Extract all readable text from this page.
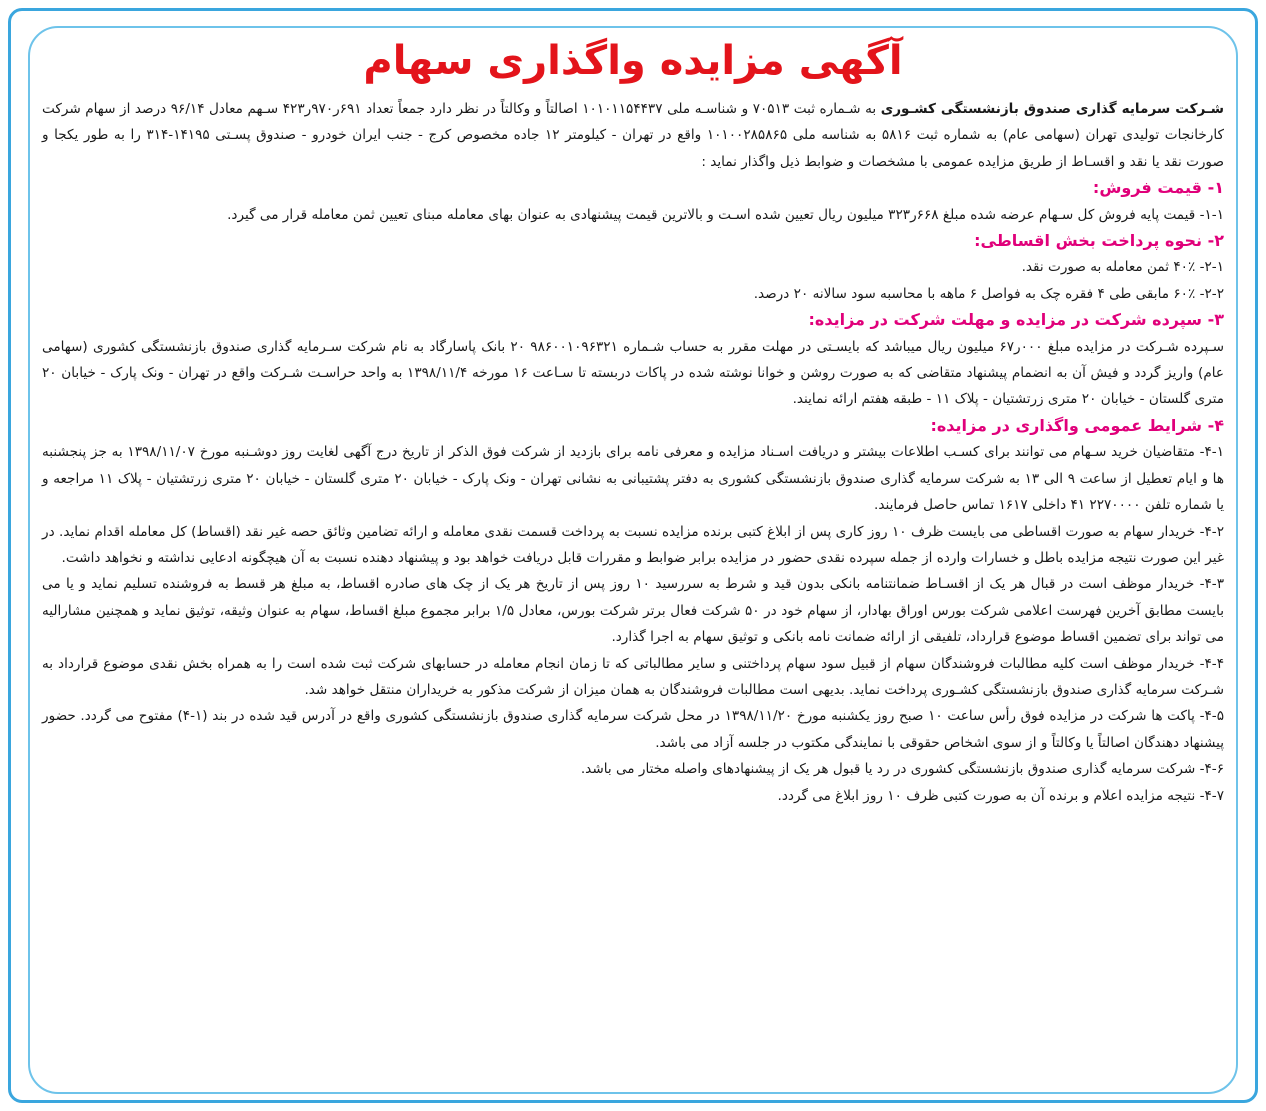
آگهی مزایده واگذاری سهام
شـرکت سرمایه گذاری صندوق بازنشستگی کشـوری به شـماره ثبت ۷۰۵۱۳ و شناسـه ملی ۱۰۱۰۱۱۵۴۴۳۷ اصالتاً و وکالتاً در نظر دارد جمعاً تعداد ۶۹۱ر۹۷۰ر۴۲۳ سـهم معادل ۹۶/۱۴ درصد از سهام شرکت کارخانجات تولیدی تهران (سهامی عام) به شماره ثبت ۵۸۱۶ به شناسه ملی ۱۰۱۰۰۲۸۵۸۶۵ واقع در تهران - کیلومتر ۱۲ جاده مخصوص کرج - جنب ایران خودرو - صندوق پسـتی ۱۴۱۹۵-۳۱۴ را به طور یکجا و صورت نقد یا نقد و اقسـاط از طریق مزایده عمومی با مشخصات و ضوابط ذیل واگذار نماید :
۱- قیمت فروش:
۱-۱- قیمت پایه فروش کل سـهام عرضه شده مبلغ ۶۶۸ر۳۲۳ میلیون ریال تعیین شده اسـت و بالاترین قیمت پیشنهادی به عنوان بهای معامله مبنای تعیین ثمن معامله قرار می گیرد.
۲- نحوه پرداخت بخش اقساطی:
۲-۱- ۴۰٪ ثمن معامله به صورت نقد.
۲-۲- ۶۰٪ مابقی طی ۴ فقره چک به فواصل ۶ ماهه با محاسبه سود سالانه ۲۰ درصد.
۳- سپرده شرکت در مزایده و مهلت شرکت در مزایده:
سـپرده شـرکت در مزایده مبلغ ۰۰۰ر۶۷ میلیون ریال میباشد که بایسـتی در مهلت مقرر به حساب شـماره ۹۸۶۰۰۱۰۹۶۳۲۱ ۲۰ بانک پاسارگاد به نام شرکت سـرمایه گذاری صندوق بازنشستگی کشوری (سهامی عام) واریز گردد و فیش آن به انضمام پیشنهاد متقاضی که به صورت روشن و خوانا نوشته شده در پاکات دربسته تا سـاعت ۱۶ مورخه ۱۳۹۸/۱۱/۴ به واحد حراسـت شـرکت واقع در تهران - ونک پارک - خیابان ۲۰ متری گلستان - خیابان ۲۰ متری زرتشتیان - پلاک ۱۱ - طبقه هفتم ارائه نمایند.
۴- شرایط عمومی واگذاری در مزایده:
۴-۱- متقاضیان خرید سـهام می توانند برای کسـب اطلاعات بیشتر و دریافت اسـناد مزایده و معرفی نامه برای بازدید از شرکت فوق الذکر از تاریخ درج آگهی لغایت روز دوشـنبه مورخ ۱۳۹۸/۱۱/۰۷ به جز پنجشنبه ها و ایام تعطیل از ساعت ۹ الی ۱۳ به شرکت سرمایه گذاری صندوق بازنشستگی کشوری به دفتر پشتیبانی به نشانی تهران - ونک پارک - خیابان ۲۰ متری گلستان - خیابان ۲۰ متری زرتشتیان - پلاک ۱۱ مراجعه و یا شماره تلفن ۲۲۷۰۰۰۰ ۴۱ داخلی ۱۶۱۷ تماس حاصل فرمایند.
۴-۲- خریدار سهام به صورت اقساطی می بایست ظرف ۱۰ روز کاری پس از ابلاغ کتبی برنده مزایده نسبت به پرداخت قسمت نقدی معامله و ارائه تضامین وثائق حصه غیر نقد (اقساط) کل معامله اقدام نماید. در غیر این صورت نتیجه مزایده باطل و خسارات وارده از جمله سپرده نقدی حضور در مزایده برابر ضوابط و مقررات قابل دریافت خواهد بود و پیشنهاد دهنده نسبت به آن هیچگونه ادعایی نداشته و نخواهد داشت.
۴-۳- خریدار موظف است در قبال هر یک از اقسـاط ضمانتنامه بانکی بدون قید و شرط به سررسید ۱۰ روز پس از تاریخ هر یک از چک های صادره اقساط، به مبلغ هر قسط به فروشنده تسلیم نماید و یا می بایست مطابق آخرین فهرست اعلامی شرکت بورس اوراق بهادار، از سهام خود در ۵۰ شرکت فعال برتر شرکت بورس، معادل ۱/۵ برابر مجموع مبلغ اقساط، سهام به عنوان وثیقه، توثیق نماید و همچنین مشارالیه می تواند برای تضمین اقساط موضوع قرارداد، تلفیقی از ارائه ضمانت نامه بانکی و توثیق سهام به اجرا گذارد.
۴-۴- خریدار موظف است کلیه مطالبات فروشندگان سهام از قبیل سود سهام پرداختنی و سایر مطالباتی که تا زمان انجام معامله در حسابهای شرکت ثبت شده است را به همراه بخش نقدی موضوع قرارداد به شـرکت سرمایه گذاری صندوق بازنشستگی کشـوری پرداخت نماید. بدیهی است مطالبات فروشندگان به همان میزان از شرکت مذکور به خریداران منتقل خواهد شد.
۴-۵- پاکت ها شرکت در مزایده فوق رأس ساعت ۱۰ صبح روز یکشنبه مورخ ۱۳۹۸/۱۱/۲۰ در محل شرکت سرمایه گذاری صندوق بازنشستگی کشوری واقع در آدرس قید شده در بند (۱-۴) مفتوح می گردد. حضور پیشنهاد دهندگان اصالتاً یا وکالتاً و از سوی اشخاص حقوقی با نمایندگی مکتوب در جلسه آزاد می باشد.
۴-۶- شرکت سرمایه گذاری صندوق بازنشستگی کشوری در رد یا قبول هر یک از پیشنهادهای واصله مختار می باشد.
۴-۷- نتیجه مزایده اعلام و برنده آن به صورت کتبی ظرف ۱۰ روز ابلاغ می گردد.
